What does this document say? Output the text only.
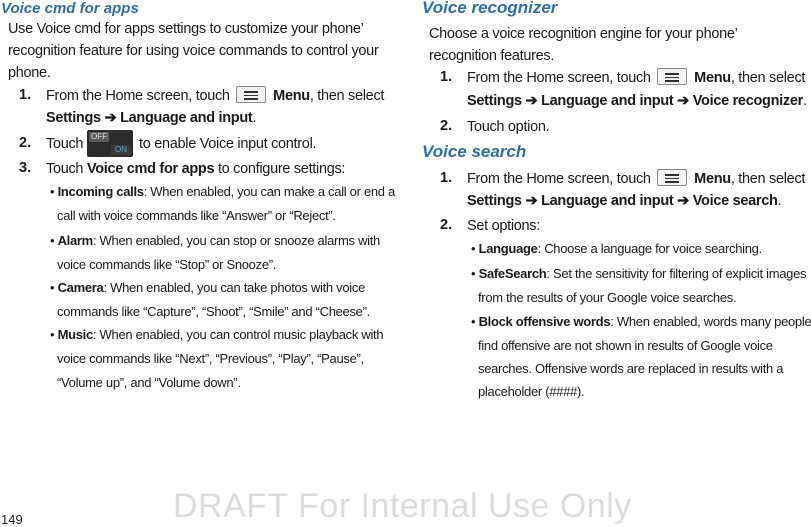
Voice cmd for apps
Use Voice cmd for apps settings to customize your phone’
recognition feature for using voice commands to control your
phone.
1. From the Home screen, touch	Menu, then select
Settings ➔ Language and input.
2. Touch OFF
ON to enable Voice input control.
3. Touch Voice cmd for apps to configure settings:
• Incoming calls: When enabled, you can make a call or end a
call with voice commands like “Answer” or “Reject”.
• Alarm: When enabled, you can stop or snooze alarms with
voice commands like “Stop” or Snooze”.
• Camera: When enabled, you can take photos with voice
commands like “Capture”, “Shoot”, “Smile” and “Cheese”.
• Music: When enabled, you can control music playback with
voice commands like “Next”, “Previous”, “Play”, “Pause”,
“Volume up”, and “Volume down”.
Voice recognizer
Choose a voice recognition engine for your phone’
recognition features.
1. From the Home screen, touch	Menu, then select
Settings ➔ Language and input ➔ Voice recognizer.
2. Touch option.
Voice search
1. From the Home screen, touch	Menu, then select
Settings ➔ Language and input ➔ Voice search.
2. Set options:
• Language: Choose a language for voice searching.
• SafeSearch: Set the sensitivity for filtering of explicit images
from the results of your Google voice searches.
• Block offensive words: When enabled, words many people
find offensive are not shown in results of Google voice
searches. Offensive words are replaced in results with a
placeholder (####).
149	DRAFT For Internal Use Only
